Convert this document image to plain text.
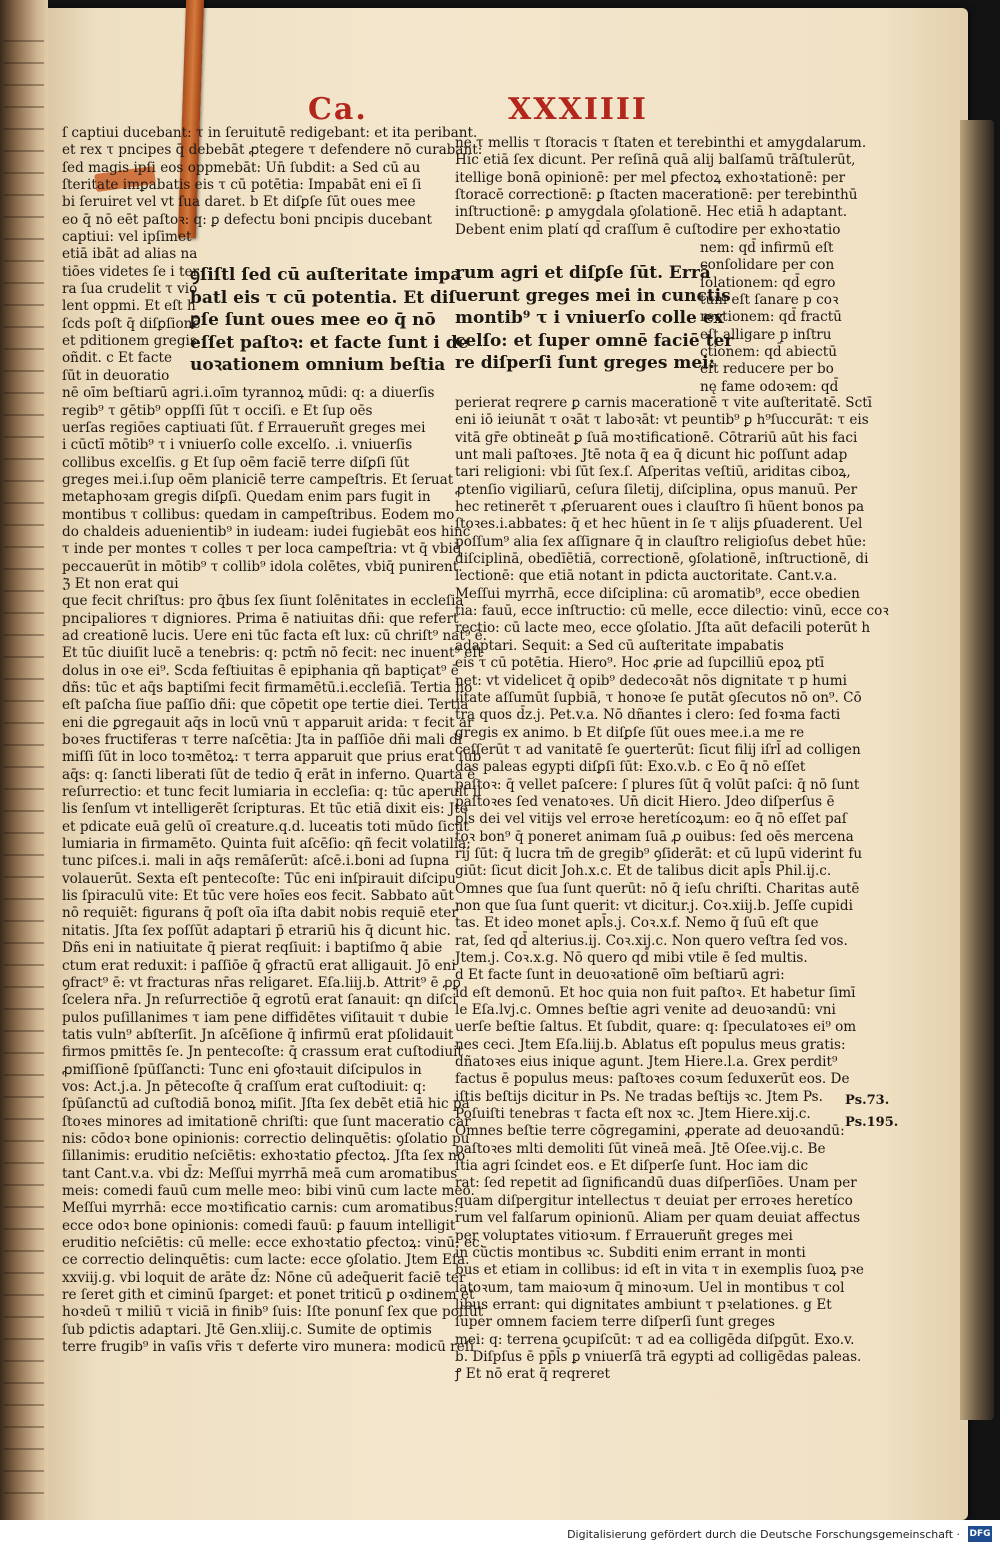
Ca.	XXXIIII
ſ captiui ducebant: τ in ſeruitutē redigebant: et ita peribant.
et rex τ pncipes q̄ debebāt ꝓtegere τ defendere nō curabant:
ſed magis ipſi eos oppmebāt: Un̄ ſubdit: a Sed cū au
ſteritate imꝑabatis eis τ cū potētia: Impabāt eni eī ſi
bi ſeruiret vel vt ſua daret. b Et diſꝑſe ſūt oues mee
eo q̄ nō eēt paſtoꝛ: q: ꝑ defectu boni pncipis ducebant
captiui: vel ipſimet
etiā ibāt ad alias na
tiōes videtes ſe i ter
ra ſua crudelit τ vio
lent oppmi. Et eſt h
ſcds poſt q̄ diſꝑſionē
et pditionem gregis
oñdit. c Et facte
ſūt in deuoratio
nē oīm beſtiarū agri.i.oīm tyrannoꝝ mūdi: q: a diuerſis
regib⁹ τ gētib⁹ oppſſi ſūt τ occiſi. e Et ſup oēs
uerſas regiōes captiuati ſūt. f Erraueruñt greges mei
i cūctī mōtib⁹ τ i vniuerſo colle excelſo. .i. vniuerſis
collibus excelſis. g Et ſup oēm faciē terre diſꝑſi ſūt
greges mei.i.ſup oēm planiciē terre campeſtris. Et ſeruat
metaphoꝛam gregis diſꝑſi. Quedam enim pars fugit in
montibus τ collibus: quedam in campeſtribus. Eodem mo
do chaldeis aduenientib⁹ in iudeam: iudei fugiebāt eos hinc
τ inde per montes τ colles τ per loca campeſtria: vt q̄ vbiq̄
peccauerūt in mōtib⁹ τ collib⁹ idola colētes, vbiq̄ punirent.
ℨ Et non erat qui
que fecit chriſtus: pro q̄bus ſex ſiunt ſolēnitates in eccleſia
pncipaliores τ digniores. Prima ē natiuitas dñi: que refert
ad creationē lucis. Uere eni tūc facta eſt lux: cū chriſt⁹ nat⁹ ē.
Et tūc diuiſit lucē a tenebris: q: pctm̄ nō fecit: nec inuent⁹ eſt
dolus in oꝛe ei⁹. Scda feſtiuitas ē epiphania qñ baptiçat⁹ ē
dñs: tūc et aq̄s baptiſmi fecit firmamētū.i.eccleſiā. Tertia ho
eſt paſcha ſiue paſſio dñi: que cōpetit ope tertie diei. Tertia
eni die ꝑgregauit aq̄s in locū vnū τ apparuit arida: τ fecit ar
boꝛes fructiferas τ terre naſcētia: Jta in paſſiōe dñi mali di
miſſi ſūt in loco toꝛmētoꝝ: τ terra apparuit que prius erat ſub
aq̄s: q: ſancti liberati ſūt de tedio q̄ erāt in inferno. Quarta ē
reſurrectio: et tunc fecit lumiaria in eccleſia: q: tūc aperuit il
lis ſenſum vt intelligerēt ſcripturas. Et tūc etiā dixit eis: Jte
et pdicate euā gelū oī creature.q.d. luceatis toti mūdo ſicut
lumiaria in firmamēto. Quinta fuit aſcēſio: qñ fecit volatilia:
tunc piſces.i. mali in aq̄s remāſerūt: aſcē.i.boni ad ſupna
volauerūt. Sexta eſt pentecoſte: Tūc eni inſpirauit diſcipu
lis ſpiraculū vite: Et tūc vere hoīes eos fecit. Sabbato aūt
nō requiēt: figurans q̄ poſt oīa iſta dabit nobis requiē eter
nitatis. Jſta ſex poſſūt adaptari p̄ etrariū his q̄ dicunt hic.
Dñs eni in natiuitate q̄ pierat reqſiuit: i baptiſmo q̄ abie
ctum erat reduxit: i paſſiōe q̄ ꝯfractū erat alligauit. Jō eni
ꝯfract⁹ ē: vt fracturas nr̄as religaret. Eſa.liij.b. Attrit⁹ ē ꝓꝑ
ſcelera nr̄a. Jn reſurrectiōe q̄ egrotū erat ſanauit: qn diſci
pulos puſillanimes τ iam pene diffidētes viſitauit τ dubie
tatis vuln⁹ abſterſit. Jn aſcēſione q̄ infirmū erat pſolidauit
firmos pmittēs ſe. Jn pentecoſte: q̄ crassum erat cuſtodiuit
ꝓmiſſionē ſpūſſancti: Tunc eni ꝯfoꝛtauit diſcipulos in
vos: Act.j.a. Jn pētecoſte q̄ craſſum erat cuſtodiuit: q:
ſpūſanctū ad cuſtodiā bonoꝝ miſit. Jſta ſex debēt etiā hic pa
ſtoꝛes minores ad imitationē chriſti: que ſunt maceratio car
nis: cōdoꝛ bone opinionis: correctio delinquētis: ꝯſolatio pu
ſillanimis: eruditio neſciētis: exhoꝛtatio ꝑfectoꝝ. Jſta ſex no
tant Cant.v.a. vbi d̄z: Meſſui myrrhā meā cum aromatibus
meis: comedi fauū cum melle meo: bibi vinū cum lacte meo.
Meſſui myrrhā: ecce moꝛtificatio carnis: cum aromatibus:
ecce odoꝛ bone opinionis: comedi fauū: ꝑ fauum intelligit
eruditio neſciētis: cū melle: ecce exhoꝛtatio ꝑfectoꝝ: vinū: ec.
ce correctio delinquētis: cum lacte: ecce ꝯſolatio. Jtem Eſa.
xxviij.g. vbi loquit de arāte d̄z: Nōne cū adeq̄uerit faciē ter
re ſeret gith et ciminū ſparget: et ponet triticū ꝑ oꝛdinem et
hoꝛdeū τ miliū τ viciā in finib⁹ ſuis: Iſte ponunſ ſex que poſſūt
ſub pdictis adaptari. Jtē Gen.xliij.c. Sumite de optimis
terre frugib⁹ in vaſis vr̄is τ deferte viro munera: modicū reſi
ꝯſiſtl ſed cū auſteritate impa
batl eis τ cū potentia. Et diſ
ꝑſe ſunt oues mee eo q̄ nō
eſſet paſtoꝛ: et facte ſunt i de
uoꝛationem omnium beſtia
ne τ mellis τ ſtoracis τ ſtaten et terebinthi et amygdalarum.
Hic etiā ſex dicunt. Per reſinā quā alij balſamū trāſtulerūt,
itellige bonā opinionē: per mel ꝑfectoꝝ exhoꝛtationē: per
ſtoracē correctionē: ꝑ ſtacten macerationē: per terebinthū
inſtructionē: ꝑ amygdala ꝯſolationē. Hec etiā h adaptant.
Debent enim platí qd̄ craſſum ē cuſtodire per exhoꝛtatio
rum agri et diſꝑſe ſūt. Errā
uerunt greges mei in cunctis
montib⁹ τ i vniuerſo colle ex
celſo: et ſuper omnē faciē ter
re diſperſi ſunt greges mei:
nem: qd̄ infirmū eſt
conſolidare per con
ſolationem: qd̄ egro
tum eſt ſanare p coꝛ
rectionem: qd̄ fractū
eſt alligare p inſtru
ctionem: qd̄ abiectū
eſt reducere per bo
nę fame odoꝛem: qd̄
perierat reqrere ꝑ carnis macerationē τ vite auſteritatē. Sctī
eni iō ieiunāt τ oꝛāt τ laboꝛāt: vt peuntib⁹ ꝑ h⁹ſuccurāt: τ eis
vitā gr̄e obtineāt ꝑ ſuā moꝛtificationē. Cōtrariū aūt his faci
unt mali paſtoꝛes. Jtē nota q̄ ea q̄ dicunt hic poſſunt adap
tari religioni: vbi ſūt ſex.ſ. Aſperitas veſtiū, ariditas ciboꝝ,
ꝓtenſio vigiliarū, ceſura ſiletij, diſciplina, opus manuū. Per
hec retinerēt τ ꝓſeruarent oues i clauſtro ſi hūent bonos pa
ſtoꝛes.i.abbates: q̄ et hec hūent in ſe τ alijs ꝑſuaderent. Uel
poſſum⁹ alia ſex aſſignare q̄ in clauſtro religioſus debet hūe:
diſciplinā, obedīētiā, correctionē, ꝯſolationē, inſtructionē, di
lectionē: que etiā notant in pdicta auctoritate. Cant.v.a.
Meſſui myrrhā, ecce diſciplina: cū aromatib⁹, ecce obedien
tia: fauū, ecce inſtructio: cū melle, ecce dilectio: vinū, ecce coꝛ
rectio: cū lacte meo, ecce ꝯſolatio. Jſta aūt defacili poterūt h
adaptari. Sequit: a Sed cū auſteritate imꝑabatis
eis τ cū potētia. Hiero⁹. Hoc ꝓrie ad ſupcilliū epoꝝ ptī
net: vt videlicet q̄ opib⁹ dedecoꝛāt nōs dignitate τ p humi
litate aſſumūt ſupbiā, τ honoꝛe ſe putāt ꝯſecutos nō on⁹. Cō
tra quos d̄z.j. Pet.v.a. Nō dñantes i clero: ſed foꝛma facti
gregis ex animo. b Et diſꝑſe ſūt oues mee.i.a me re
ceſſerūt τ ad vanitatē ſe ꝯuerterūt: ſicut filij iſrl̄ ad colligen
das paleas egypti diſꝑſi ſūt: Exo.v.b. c Eo q̄ nō eſſet
paſtoꝛ: q̄ vellet paſcere: ſ plures ſūt q̄ volūt paſci: q̄ nō ſunt
paſtoꝛes ſed venatoꝛes. Un̄ dicit Hiero. Jdeo diſperſus ē
ꝑl̄s dei vel vitijs vel erroꝛe heretícoꝝum: eo q̄ nō eſſet paſ
toꝛ bon⁹ q̄ poneret animam ſuā ꝓ ouibus: ſed oēs mercena
rij ſūt: q̄ lucra tm̄ de gregib⁹ ꝯſiderāt: et cū lupū viderint fu
giūt: ſicut dicit Joh.x.c. Et de talibus dicit apl̄s Phil.ij.c.
Omnes que ſua ſunt querūt: nō q̄ ieſu chriſti. Charitas autē
non que ſua ſunt querit: vt dicitur.j. Coꝛ.xiij.b. Jeſſe cupidi
tas. Et ideo monet apl̄s.j. Coꝛ.x.f. Nemo q̄ ſuū eſt que
rat, ſed qd̄ alterius.ij. Coꝛ.xij.c. Non quero veſtra ſed vos.
Jtem.j. Coꝛ.x.g. Nō quero qd̄ mibi vtile ē ſed multis.
d Et facte ſunt in deuoꝛationē oīm beſtiarū agri:
id eſt demonū. Et hoc quia non fuit paſtoꝛ. Et habetur ſimī
le Eſa.lvj.c. Omnes beſtie agri venite ad deuoꝛandū: vni
uerſe beſtie ſaltus. Et ſubdit, quare: q: ſpeculatoꝛes ei⁹ om
nes ceci. Jtem Eſa.liij.b. Ablatus eſt populus meus gratis:
dñatoꝛes eius inique agunt. Jtem Hiere.l.a. Grex perdit⁹
factus ē populus meus: paſtoꝛes coꝛum ſeduxerūt eos. De
iſtis beſtijs dicitur in Ps. Ne tradas beſtijs ꝛc. Jtem Ps.
Poſuiſti tenebras τ facta eſt nox ꝛc. Jtem Hiere.xij.c.
Omnes beſtie terre cōgregamini, ꝓperate ad deuoꝛandū:
paſtoꝛes mlti demoliti ſūt vineā meā. Jtē Oſee.vij.c. Be
ſtia agri ſcindet eos. e Et diſperſe ſunt. Hoc iam dic
rat: ſed repetit ad ſignificandū duas diſperſiōes. Unam per
quam diſpergitur intellectus τ deuiat per erroꝛes heretíco
rum vel falſarum opinionū. Aliam per quam deuiat affectus
per voluptates vitioꝛum. f Erraueruñt greges mei
in cūctis montibus ꝛc. Subditi enim errant in monti
bus et etiam in collibus: id eſt in vita τ in exemplis ſuoꝝ pꝛe
latoꝛum, tam maioꝛum q̄ minoꝛum. Uel in montibus τ col
libus errant: qui dignitates ambiunt τ pꝛelationes. g Et
ſuper omnem faciem terre diſperſi ſunt greges
mei: q: terrena ꝯcupiſcūt: τ ad ea colligēda diſpgūt. Exo.v.
b. Diſpſus ē pp̄l̄s ꝑ vniuerſā trā egypti ad colligēdas paleas.
ꝭ Et nō erat q̄ reqreret
Ps.73.
Ps.195.
Digitalisierung gefördert durch die Deutsche Forschungsgemeinschaft · DFG
